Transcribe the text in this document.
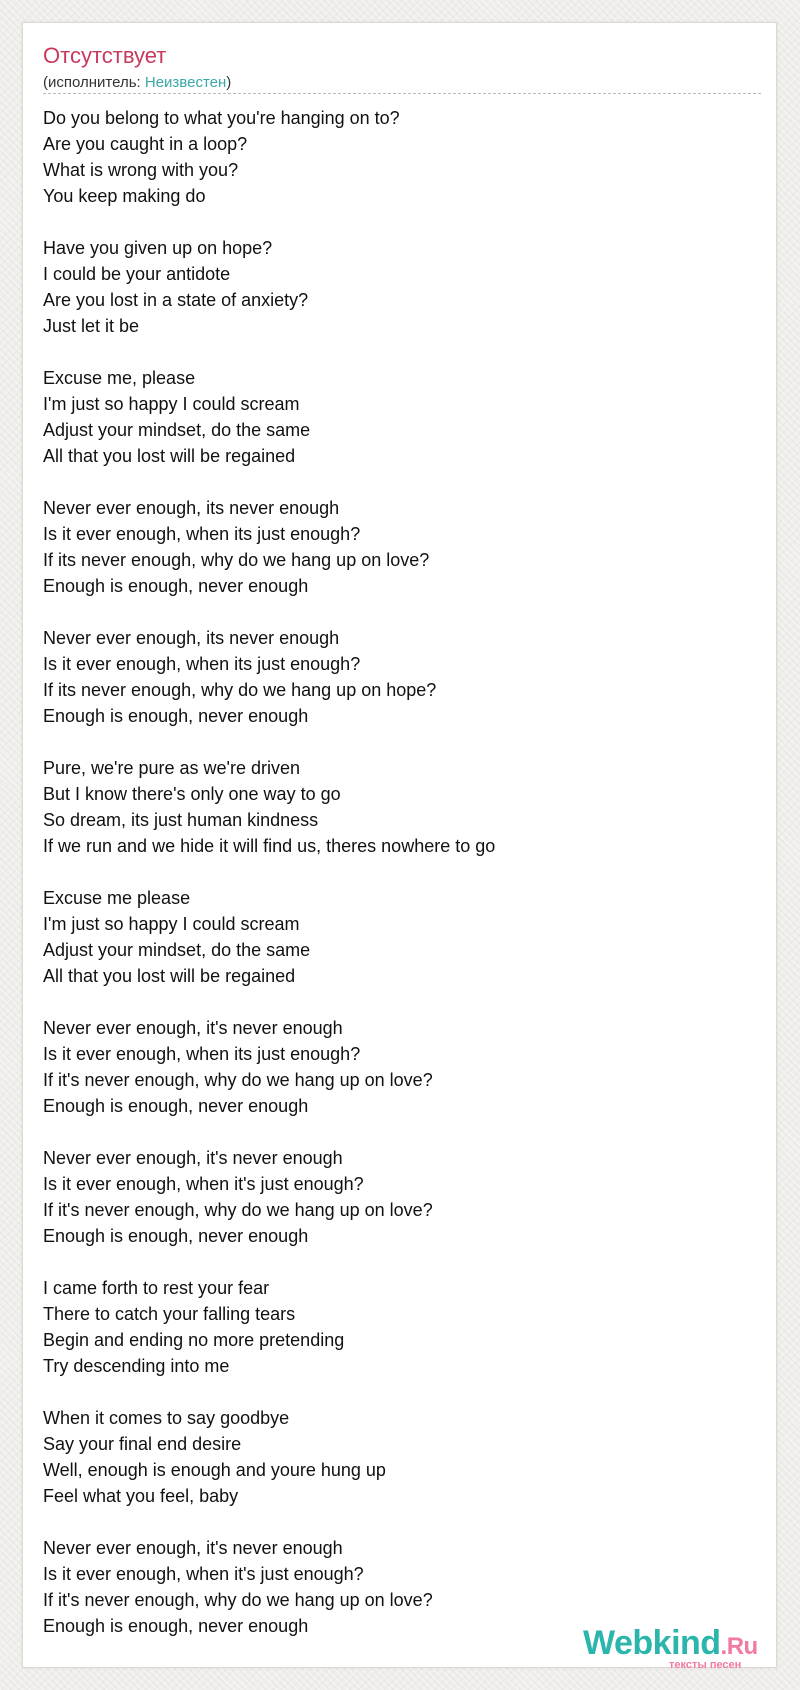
Отсутствует
(исполнитель: Неизвестен)
Do you belong to what you're hanging on to?
Are you caught in a loop?
What is wrong with you?
You keep making do
Have you given up on hope?
I could be your antidote
Are you lost in a state of anxiety?
Just let it be
Excuse me, please
I'm just so happy I could scream
Adjust your mindset, do the same
All that you lost will be regained
Never ever enough, its never enough
Is it ever enough, when its just enough?
If its never enough, why do we hang up on love?
Enough is enough, never enough
Never ever enough, its never enough
Is it ever enough, when its just enough?
If its never enough, why do we hang up on hope?
Enough is enough, never enough
Pure, we're pure as we're driven
But I know there's only one way to go
So dream, its just human kindness
If we run and we hide it will find us, theres nowhere to go
Excuse me please
I'm just so happy I could scream
Adjust your mindset, do the same
All that you lost will be regained
Never ever enough, it's never enough
Is it ever enough, when its just enough?
If it's never enough, why do we hang up on love?
Enough is enough, never enough
Never ever enough, it's never enough
Is it ever enough, when it's just enough?
If it's never enough, why do we hang up on love?
Enough is enough, never enough
I came forth to rest your fear
There to catch your falling tears
Begin and ending no more pretending
Try descending into me
When it comes to say goodbye
Say your final end desire
Well, enough is enough and youre hung up
Feel what you feel, baby
Never ever enough, it's never enough
Is it ever enough, when it's just enough?
If it's never enough, why do we hang up on love?
Enough is enough, never enough	Webkind.Ru
тексты песен
